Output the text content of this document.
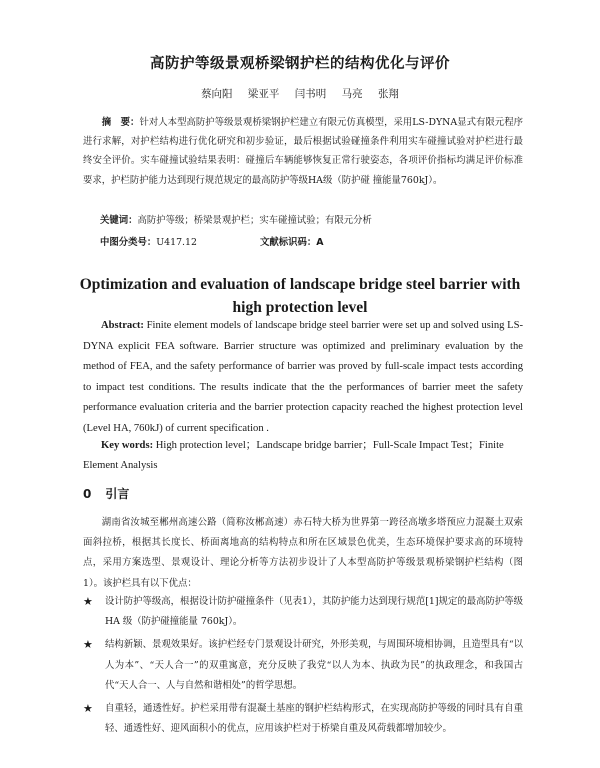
高防护等级景观桥梁钢护栏的结构优化与评价
蔡向阳 梁亚平 闫书明 马亮 张翔
摘　要：针对人本型高防护等级景观桥梁钢护栏建立有限元仿真模型，采用LS-DYNA显式有限元程序进行求解，对护栏结构进行优化研究和初步验证，最后根据试验碰撞条件利用实车碰撞试验对护栏进行最终安全评价。实车碰撞试验结果表明：碰撞后车辆能够恢复正常行驶姿态，各项评价指标均满足评价标准要求，护栏防护能力达到现行规范规定的最高防护等级HA级（防护碰 撞能量760kJ）。
关键词：高防护等级；桥梁景观护栏；实车碰撞试验；有限元分析
中图分类号：U417.12	文献标识码：A
Optimization and evaluation of landscape bridge steel barrier with high protection level
Abstract: Finite element models of landscape bridge steel barrier were set up and solved using LS-DYNA explicit FEA software. Barrier structure was optimized and preliminary evaluation by the method of FEA, and the safety performance of barrier was proved by full-scale impact tests according to impact test conditions. The results indicate that the the performances of barrier meet the safety performance evaluation criteria and the barrier protection capacity reached the highest protection level (Level HA, 760kJ) of current specification .
Key words: High protection level；Landscape bridge barrier；Full-Scale Impact Test；Finite Element Analysis
0 引言
湖南省汝城至郴州高速公路（简称汝郴高速）赤石特大桥为世界第一跨径高墩多塔预应力混凝土双索面斜拉桥，根据其长度长、桥面离地高的结构特点和所在区域景色优美，生态环境保护要求高的环境特点，采用方案选型、景观设计、理论分析等方法初步设计了人本型高防护等级景观桥梁钢护栏结构（图1）。该护栏具有以下优点：
★ 设计防护等级高，根据设计防护碰撞条件（见表1），其防护能力达到现行规范[1]规定的最高防护等级 HA 级（防护碰撞能量 760kJ）。
★ 结构新颖、景观效果好。该护栏经专门景观设计研究，外形美观，与周围环境相协调，且造型具有“以人为本”、“天人合一”的双重寓意，充分反映了我党“以人为本、执政为民”的执政理念，和我国古代“天人合一、人与自然和谐相处”的哲学思想。
★ 自重轻，通透性好。护栏采用带有混凝土基座的钢护栏结构形式，在实现高防护等级的同时具有自重轻、通透性好、迎风面积小的优点，应用该护栏对于桥梁自重及风荷载都增加较少。
